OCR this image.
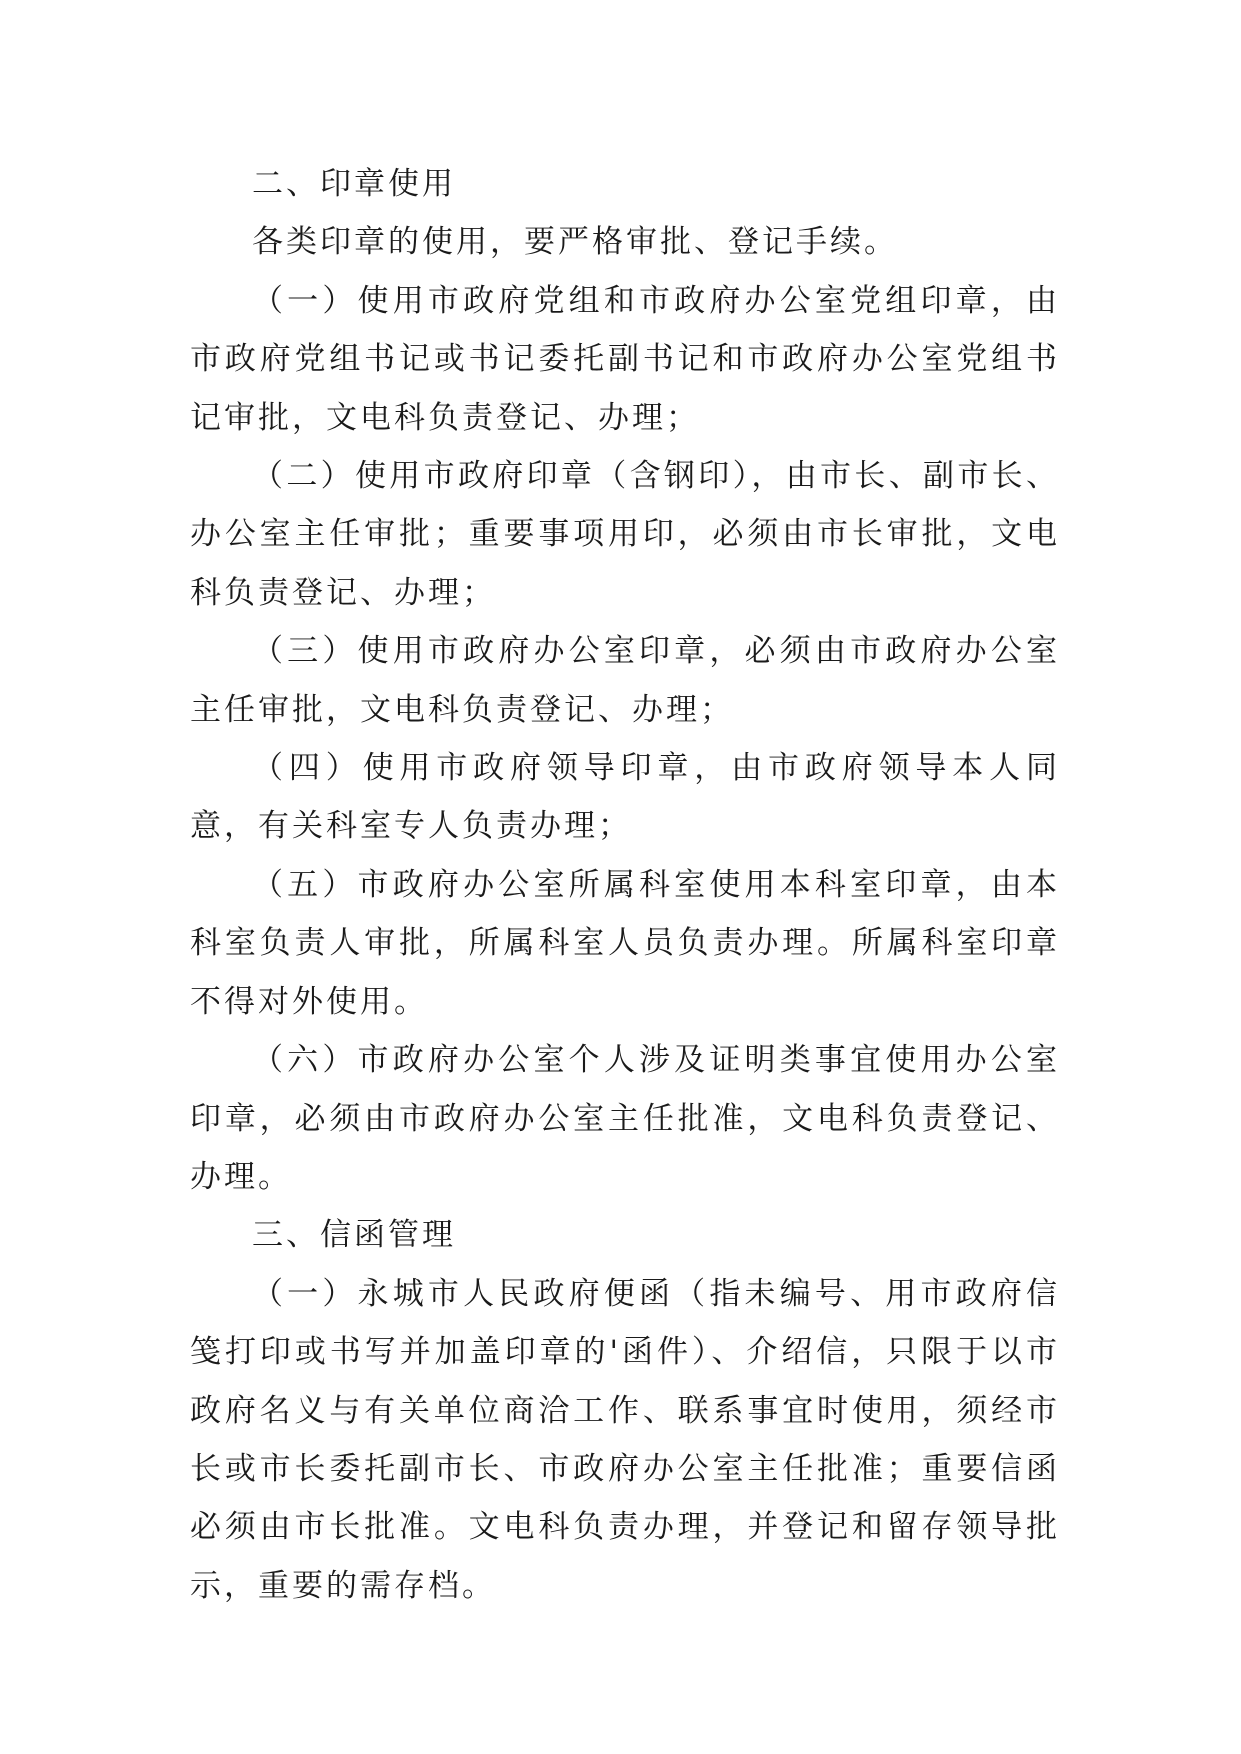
二、印章使用

各类印章的使用，要严格审批、登记手续。

（一）使用市政府党组和市政府办公室党组印章，由市政府党组书记或书记委托副书记和市政府办公室党组书记审批，文电科负责登记、办理；

（二）使用市政府印章（含钢印），由市长、副市长、办公室主任审批；重要事项用印，必须由市长审批，文电科负责登记、办理；

（三）使用市政府办公室印章，必须由市政府办公室主任审批，文电科负责登记、办理；

（四）使用市政府领导印章，由市政府领导本人同意，有关科室专人负责办理；

（五）市政府办公室所属科室使用本科室印章，由本科室负责人审批，所属科室人员负责办理。所属科室印章不得对外使用。

（六）市政府办公室个人涉及证明类事宜使用办公室印章，必须由市政府办公室主任批准，文电科负责登记、办理。

三、信函管理

（一）永城市人民政府便函（指未编号、用市政府信笺打印或书写并加盖印章的'函件）、介绍信，只限于以市政府名义与有关单位商洽工作、联系事宜时使用，须经市长或市长委托副市长、市政府办公室主任批准；重要信函必须由市长批准。文电科负责办理，并登记和留存领导批示，重要的需存档。
